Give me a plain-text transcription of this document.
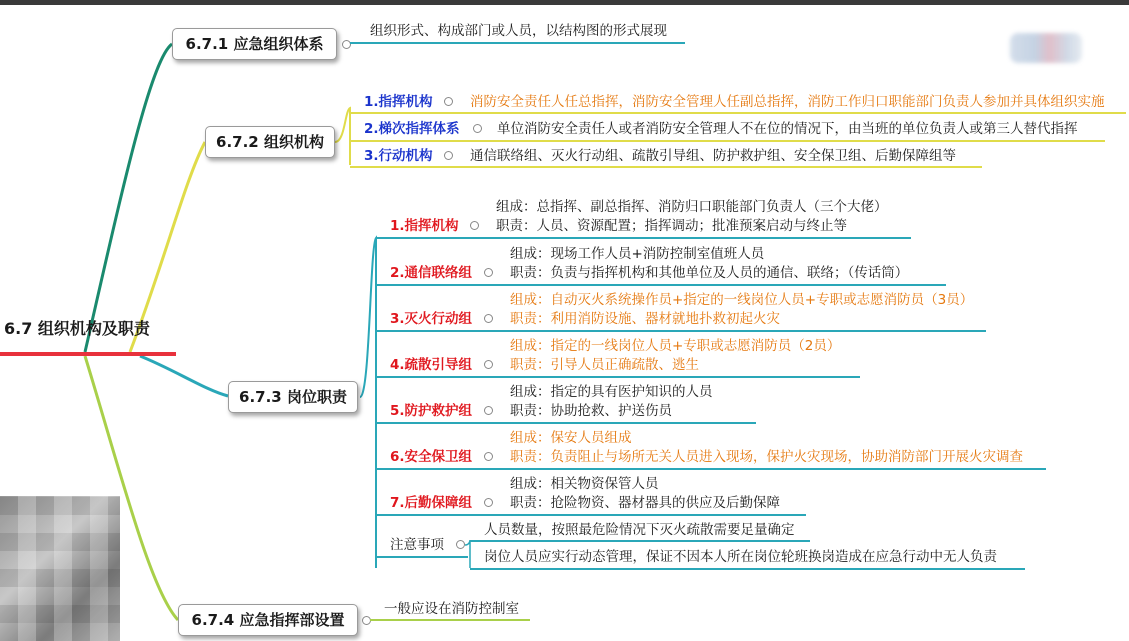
6.7 组织机构及职责
6.7.1 应急组织体系
组织形式、构成部门或人员，以结构图的形式展现
6.7.2 组织机构
1.指挥机构	消防安全责任人任总指挥，消防安全管理人任副总指挥，消防工作归口职能部门负责人参加并具体组织实施
2.梯次指挥体系	单位消防安全责任人或者消防安全管理人不在位的情况下，由当班的单位负责人或第三人替代指挥
3.行动机构	通信联络组、灭火行动组、疏散引导组、防护救护组、安全保卫组、后勤保障组等
6.7.3 岗位职责
1.指挥机构
组成：总指挥、副总指挥、消防归口职能部门负责人（三个大佬）
职责：人员、资源配置；指挥调动；批准预案启动与终止等
2.通信联络组
组成：现场工作人员+消防控制室值班人员
职责：负责与指挥机构和其他单位及人员的通信、联络；（传话筒）
3.灭火行动组
组成：自动灭火系统操作员+指定的一线岗位人员+专职或志愿消防员（3员）
职责：利用消防设施、器材就地扑救初起火灾
4.疏散引导组
组成：指定的一线岗位人员+专职或志愿消防员（2员）
职责：引导人员正确疏散、逃生
5.防护救护组
组成：指定的具有医护知识的人员
职责：协助抢救、护送伤员
6.安全保卫组
组成：保安人员组成
职责：负责阻止与场所无关人员进入现场，保护火灾现场，协助消防部门开展火灾调查
7.后勤保障组
组成：相关物资保管人员
职责：抢险物资、器材器具的供应及后勤保障
注意事项
人员数量，按照最危险情况下灭火疏散需要足量确定
岗位人员应实行动态管理，保证不因本人所在岗位轮班换岗造成在应急行动中无人负责
6.7.4 应急指挥部设置
一般应设在消防控制室
